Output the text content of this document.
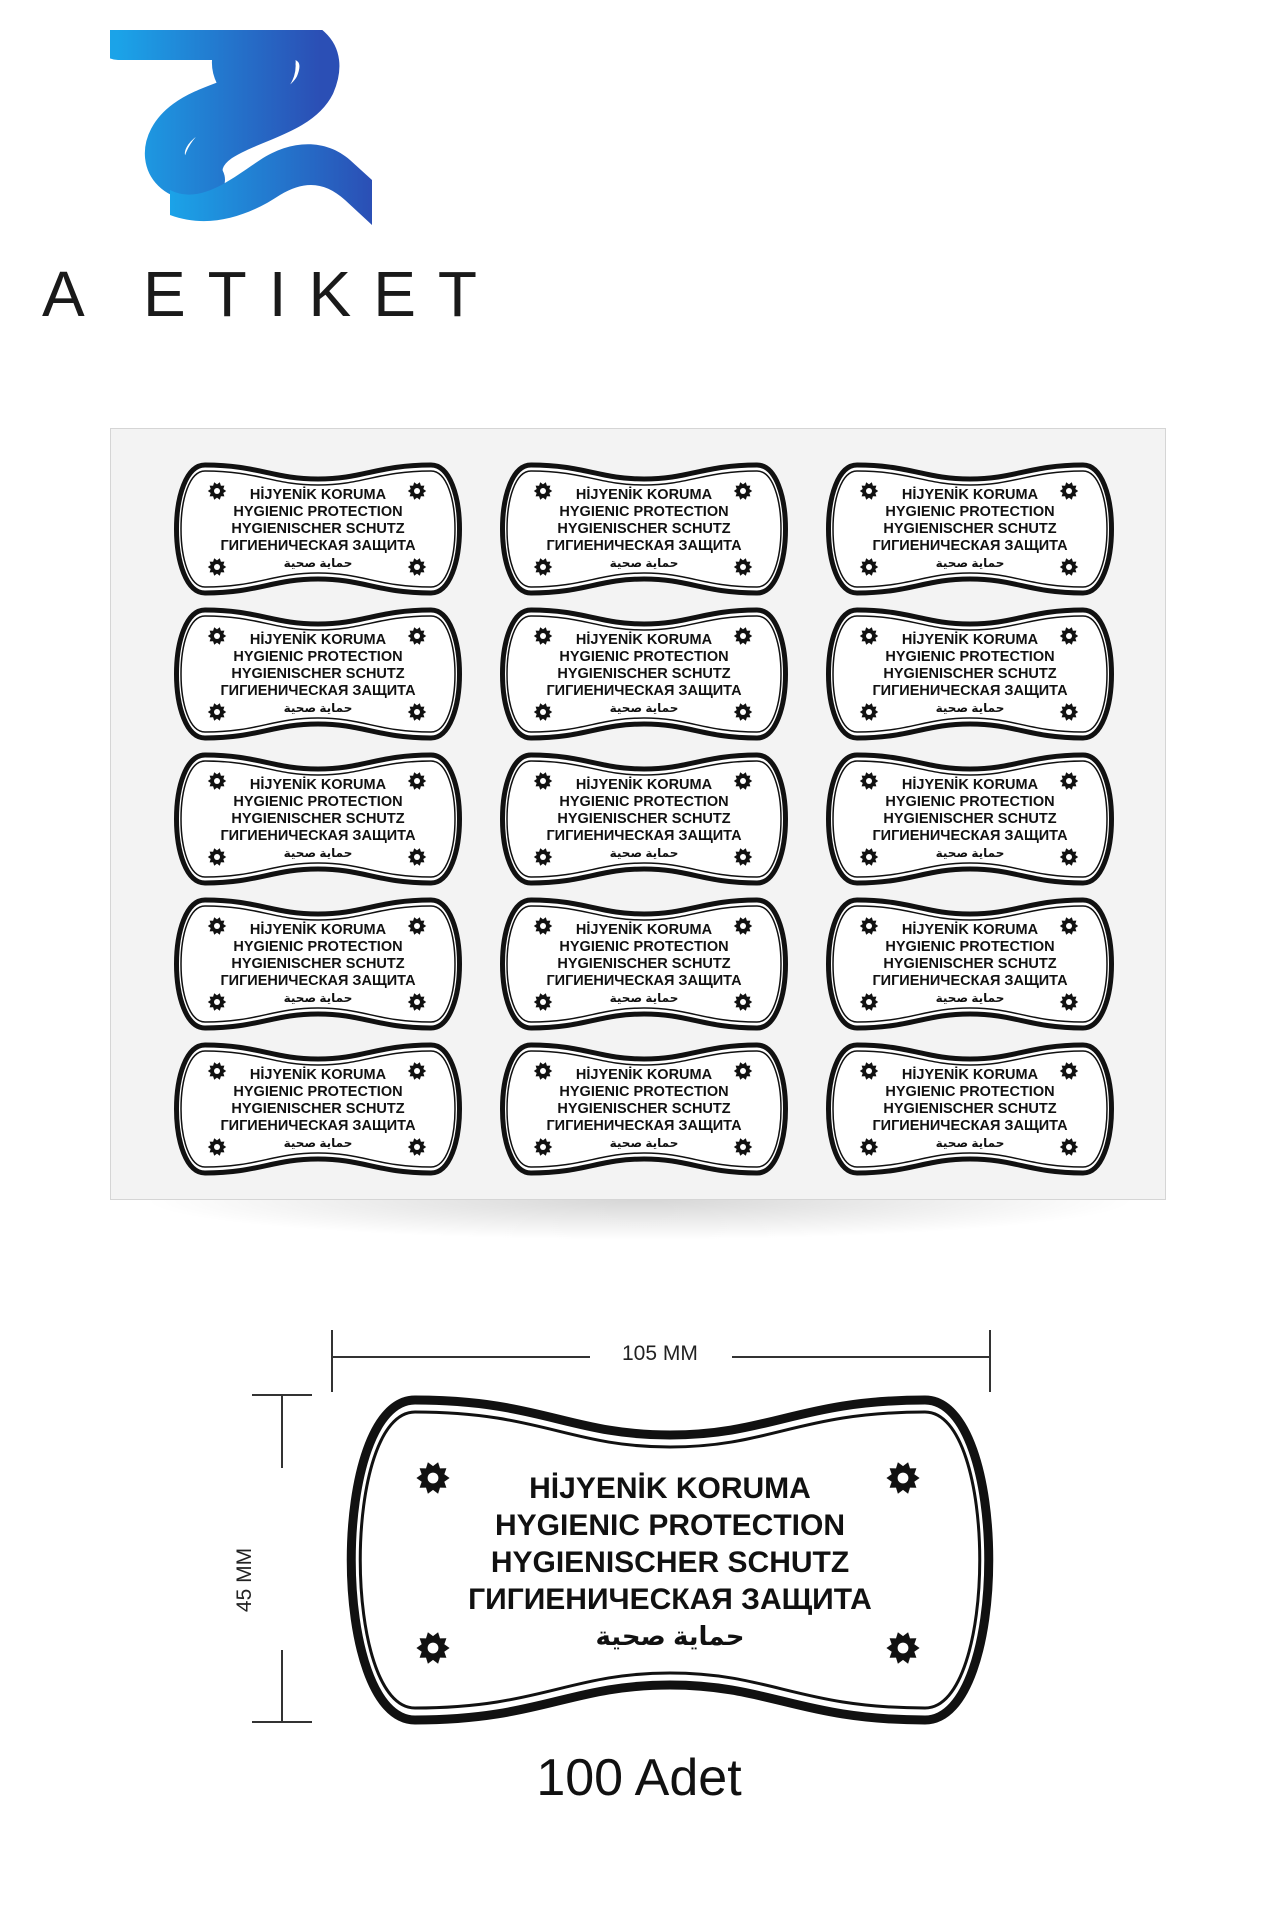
A ETIKET
HİJYENİK KORUMA
HYGIENIC PROTECTION
HYGIENISCHER SCHUTZ
ГИГИЕНИЧЕСКАЯ ЗАЩИТА
حماية صحية
HİJYENİK KORUMA
HYGIENIC PROTECTION
HYGIENISCHER SCHUTZ
ГИГИЕНИЧЕСКАЯ ЗАЩИТА
حماية صحية
HİJYENİK KORUMA
HYGIENIC PROTECTION
HYGIENISCHER SCHUTZ
ГИГИЕНИЧЕСКАЯ ЗАЩИТА
حماية صحية
HİJYENİK KORUMA
HYGIENIC PROTECTION
HYGIENISCHER SCHUTZ
ГИГИЕНИЧЕСКАЯ ЗАЩИТА
حماية صحية
HİJYENİK KORUMA
HYGIENIC PROTECTION
HYGIENISCHER SCHUTZ
ГИГИЕНИЧЕСКАЯ ЗАЩИТА
حماية صحية
HİJYENİK KORUMA
HYGIENIC PROTECTION
HYGIENISCHER SCHUTZ
ГИГИЕНИЧЕСКАЯ ЗАЩИТА
حماية صحية
HİJYENİK KORUMA
HYGIENIC PROTECTION
HYGIENISCHER SCHUTZ
ГИГИЕНИЧЕСКАЯ ЗАЩИТА
حماية صحية
HİJYENİK KORUMA
HYGIENIC PROTECTION
HYGIENISCHER SCHUTZ
ГИГИЕНИЧЕСКАЯ ЗАЩИТА
حماية صحية
HİJYENİK KORUMA
HYGIENIC PROTECTION
HYGIENISCHER SCHUTZ
ГИГИЕНИЧЕСКАЯ ЗАЩИТА
حماية صحية
HİJYENİK KORUMA
HYGIENIC PROTECTION
HYGIENISCHER SCHUTZ
ГИГИЕНИЧЕСКАЯ ЗАЩИТА
حماية صحية
HİJYENİK KORUMA
HYGIENIC PROTECTION
HYGIENISCHER SCHUTZ
ГИГИЕНИЧЕСКАЯ ЗАЩИТА
حماية صحية
HİJYENİK KORUMA
HYGIENIC PROTECTION
HYGIENISCHER SCHUTZ
ГИГИЕНИЧЕСКАЯ ЗАЩИТА
حماية صحية
HİJYENİK KORUMA
HYGIENIC PROTECTION
HYGIENISCHER SCHUTZ
ГИГИЕНИЧЕСКАЯ ЗАЩИТА
حماية صحية
HİJYENİK KORUMA
HYGIENIC PROTECTION
HYGIENISCHER SCHUTZ
ГИГИЕНИЧЕСКАЯ ЗАЩИТА
حماية صحية
HİJYENİK KORUMA
HYGIENIC PROTECTION
HYGIENISCHER SCHUTZ
ГИГИЕНИЧЕСКАЯ ЗАЩИТА
حماية صحية
105 MM
45 MM
HİJYENİK KORUMA
HYGIENIC PROTECTION
HYGIENISCHER SCHUTZ
ГИГИЕНИЧЕСКАЯ ЗАЩИТА
حماية صحية
100 Adet
